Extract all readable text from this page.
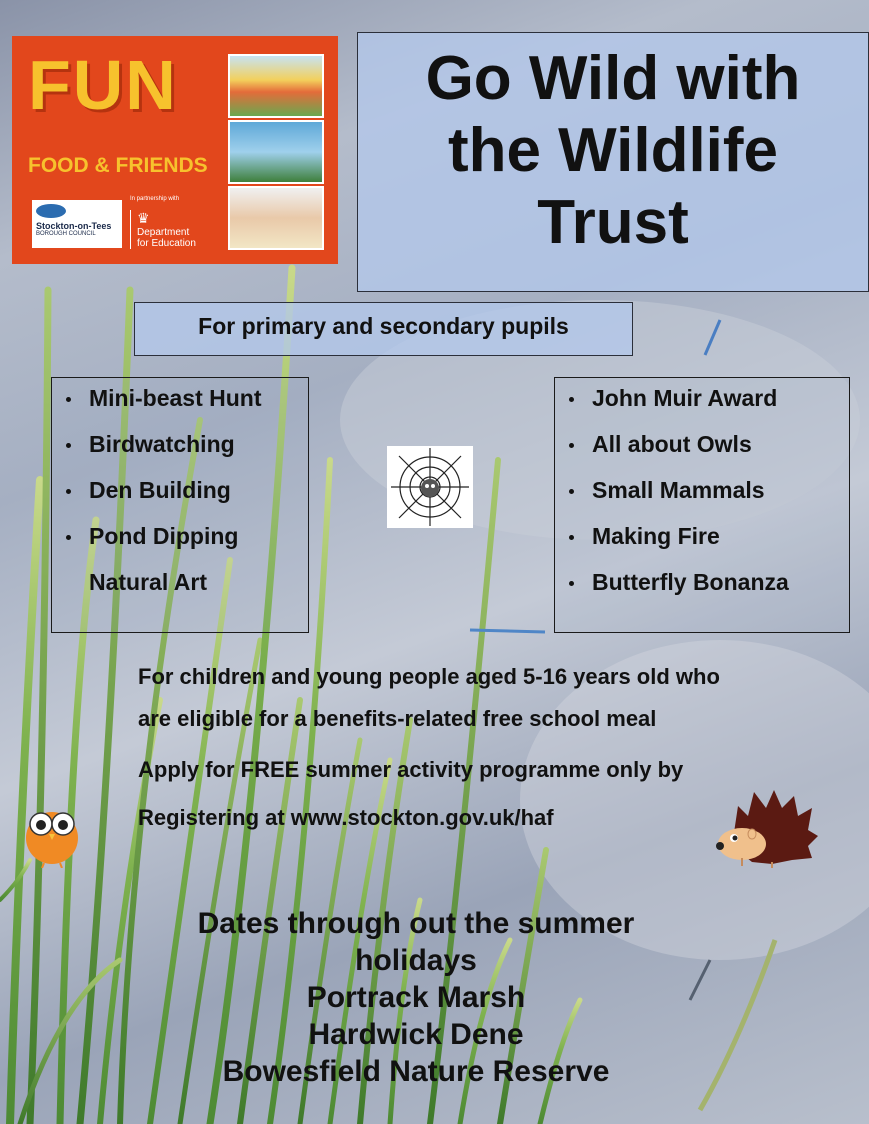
FUN
FOOD & FRIENDS
Stockton-on-Tees
BOROUGH COUNCIL
In partnership with
♛
Department
for Education
Go Wild with
the Wildlife
Trust
For primary and secondary pupils
Mini-beast Hunt
Birdwatching
Den Building
Pond Dipping
Natural Art
John Muir Award
All about Owls
Small Mammals
Making Fire
Butterfly Bonanza
For children and young people aged 5-16 years old who
are eligible for a benefits-related free school meal
Apply for FREE summer activity programme only by
Registering at www.stockton.gov.uk/haf
Dates through out the summer
holidays
Portrack Marsh
Hardwick Dene
Bowesfield Nature Reserve
